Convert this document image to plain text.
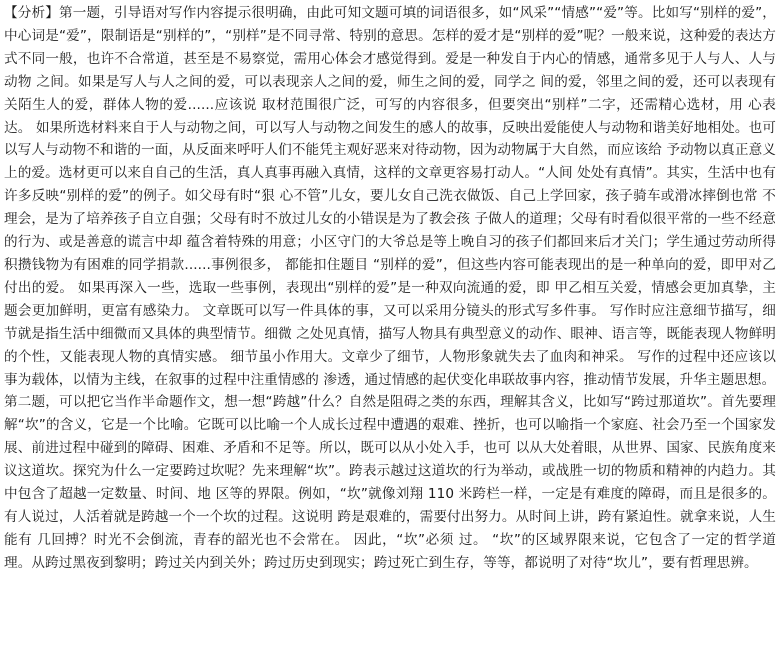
【分析】第一题，引导语对写作内容提示很明确，由此可知文题可填的词语很多，如“风采”“情感”“爱”等。比如写“别样的爱”，中心词是“爱”，限制语是“别样的”，“别样”是不同寻常、特别的意思。怎样的爱才是“别样的爱”呢？一般来说，这种爱的表达方式不同一般，也许不合常道，甚至是不易察觉，需用心体会才感觉得到。爱是一种发自于内心的情感，通常多见于人与人、人与动物 之间。如果是写人与人之间的爱，可以表现亲人之间的爱，师生之间的爱，同学之 间的爱，邻里之间的爱，还可以表现有关陌生人的爱，群体人物的爱......应该说 取材范围很广泛，可写的内容很多，但要突出“别样”二字，还需精心选材，用 心表达。 如果所选材料来自于人与动物之间，可以写人与动物之间发生的感人的故事，反映出爱能使人与动物和谐美好地相处。也可以写人与动物不和谐的一面，从反面来呼吁人们不能凭主观好恶来对待动物，因为动物属于大自然，而应该给 予动物以真正意义上的爱。选材更可以来自自己的生活，真人真事再融入真情，这样的文章更容易打动人。“人间 处处有真情”。其实，生活中也有许多反映“别样的爱”的例子。如父母有时“狠 心不管”儿女，要儿女自己洗衣做饭、自己上学回家，孩子骑车或滑冰摔倒也常 不理会，是为了培养孩子自立自强；父母有时不放过儿女的小错误是为了教会孩 子做人的道理；父母有时看似很平常的一些不经意的行为、或是善意的谎言中却 蕴含着特殊的用意；小区守门的大爷总是等上晚自习的孩子们都回来后才关门；学生通过劳动所得积攒钱物为有困难的同学捐款......事例很多， 都能扣住题目 “别样的爱”，但这些内容可能表现出的是一种单向的爱，即甲对乙付出的爱。 如果再深入一些，选取一些事例，表现出“别样的爱”是一种双向流通的爱，即 甲乙相互关爱，情感会更加真挚，主题会更加鲜明，更富有感染力。 文章既可以写一件具体的事，又可以采用分镜头的形式写多件事。 写作时应注意细节描写，细节就是指生活中细微而又具体的典型情节。细微 之处见真情，描写人物具有典型意义的动作、眼神、语言等，既能表现人物鲜明 的个性，又能表现人物的真情实感。 细节虽小作用大。文章少了细节，人物形象就失去了血肉和神采。 写作的过程中还应该以事为载体，以情为主线，在叙事的过程中注重情感的 渗透，通过情感的起伏变化串联故事内容，推动情节发展，升华主题思想。

第二题，可以把它当作半命题作文，想一想“跨越”什么？自然是阻碍之类的东西，理解其含义，比如写“跨过那道坎”。首先要理解“坎”的含义，它是一个比喻。它既可以比喻一个人成长过程中遭遇的艰难、挫折，也可以喻指一个家庭、社会乃至一个国家发展、前进过程中碰到的障碍、困难、矛盾和不足等。所以，既可以从小处入手，也可 以从大处着眼，从世界、国家、民族角度来议这道坎。探究为什么一定要跨过坎呢？先来理解“坎”。跨表示越过这道坎的行为举动，或战胜一切的物质和精神的内趋力。其中包含了超越一定数量、时间、地 区等的界限。例如，“坎”就像刘翔 110 米跨栏一样，一定是有难度的障碍，而且是很多的。有人说过，人活着就是跨越一个一个坎的过程。这说明 跨是艰难的，需要付出努力。从时间上讲，跨有紧迫性。就拿来说，人生能有 几回搏？时光不会倒流，青春的韶光也不会常在。 因此，“坎”必须 过。 “坎”的区域界限来说，它包含了一定的哲学道理。从跨过黑夜到黎明；跨过关内到关外；跨过历史到现实；跨过死亡到生存，等等，都说明了对待“坎儿”，要有哲理思辨。
